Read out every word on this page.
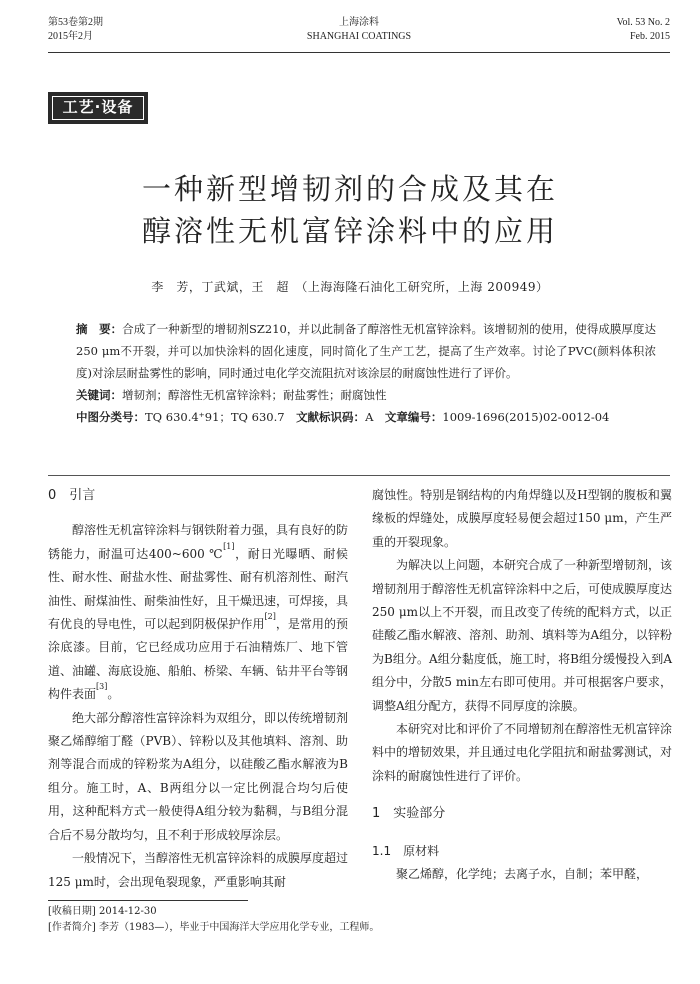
第53卷第2期
2015年2月
上海涂料
SHANGHAI COATINGS
Vol. 53 No. 2
Feb. 2015
工艺·设备
一种新型增韧剂的合成及其在
醇溶性无机富锌涂料中的应用
李　芳，丁武斌，王　超　（上海海隆石油化工研究所，上海 200949）

摘　要：合成了一种新型的增韧剂SZ210，并以此制备了醇溶性无机富锌涂料。该增韧剂的使用，使得成膜厚度达250 μm不开裂，并可以加快涂料的固化速度，同时简化了生产工艺，提高了生产效率。讨论了PVC(颜料体积浓度)对涂层耐盐雾性的影响，同时通过电化学交流阻抗对该涂层的耐腐蚀性进行了评价。

关键词：增韧剂；醇溶性无机富锌涂料；耐盐雾性；耐腐蚀性

中图分类号：TQ 630.4⁺91；TQ 630.7　 文献标识码：A　 文章编号：1009-1696(2015)02-0012-04

0　引言

醇溶性无机富锌涂料与钢铁附着力强，具有良好的防锈能力，耐温可达400~600 ℃[1]，耐日光曝晒、耐候性、耐水性、耐盐水性、耐盐雾性、耐有机溶剂性、耐汽油性、耐煤油性、耐柴油性好，且干燥迅速，可焊接，具有优良的导电性，可以起到阴极保护作用[2]，是常用的预涂底漆。目前，它已经成功应用于石油精炼厂、地下管道、油罐、海底设施、船舶、桥梁、车辆、钻井平台等钢构件表面[3]。

绝大部分醇溶性富锌涂料为双组分，即以传统增韧剂聚乙烯醇缩丁醛（PVB）、锌粉以及其他填料、溶剂、助剂等混合而成的锌粉浆为A组分，以硅酸乙酯水解液为B组分。施工时，A、B两组分以一定比例混合均匀后使用，这种配料方式一般使得A组分较为黏稠，与B组分混合后不易分散均匀，且不利于形成较厚涂层。

一般情况下，当醇溶性无机富锌涂料的成膜厚度超过125 μm时，会出现龟裂现象，严重影响其耐

腐蚀性。特别是钢结构的内角焊缝以及H型钢的腹板和翼缘板的焊缝处，成膜厚度轻易便会超过150 μm，产生严重的开裂现象。

为解决以上问题，本研究合成了一种新型增韧剂，该增韧剂用于醇溶性无机富锌涂料中之后，可使成膜厚度达250 μm以上不开裂，而且改变了传统的配料方式，以正硅酸乙酯水解液、溶剂、助剂、填料等为A组分，以锌粉为B组分。A组分黏度低，施工时，将B组分缓慢投入到A组分中，分散5 min左右即可使用。并可根据客户要求，调整A组分配方，获得不同厚度的涂膜。

本研究对比和评价了不同增韧剂在醇溶性无机富锌涂料中的增韧效果，并且通过电化学阻抗和耐盐雾测试，对涂料的耐腐蚀性进行了评价。

1　实验部分
1.1　原材料

聚乙烯醇，化学纯；去离子水，自制；苯甲醛，

[收稿日期] 2014-12-30
[作者简介] 李芳（1983—），毕业于中国海洋大学应用化学专业，工程师。
